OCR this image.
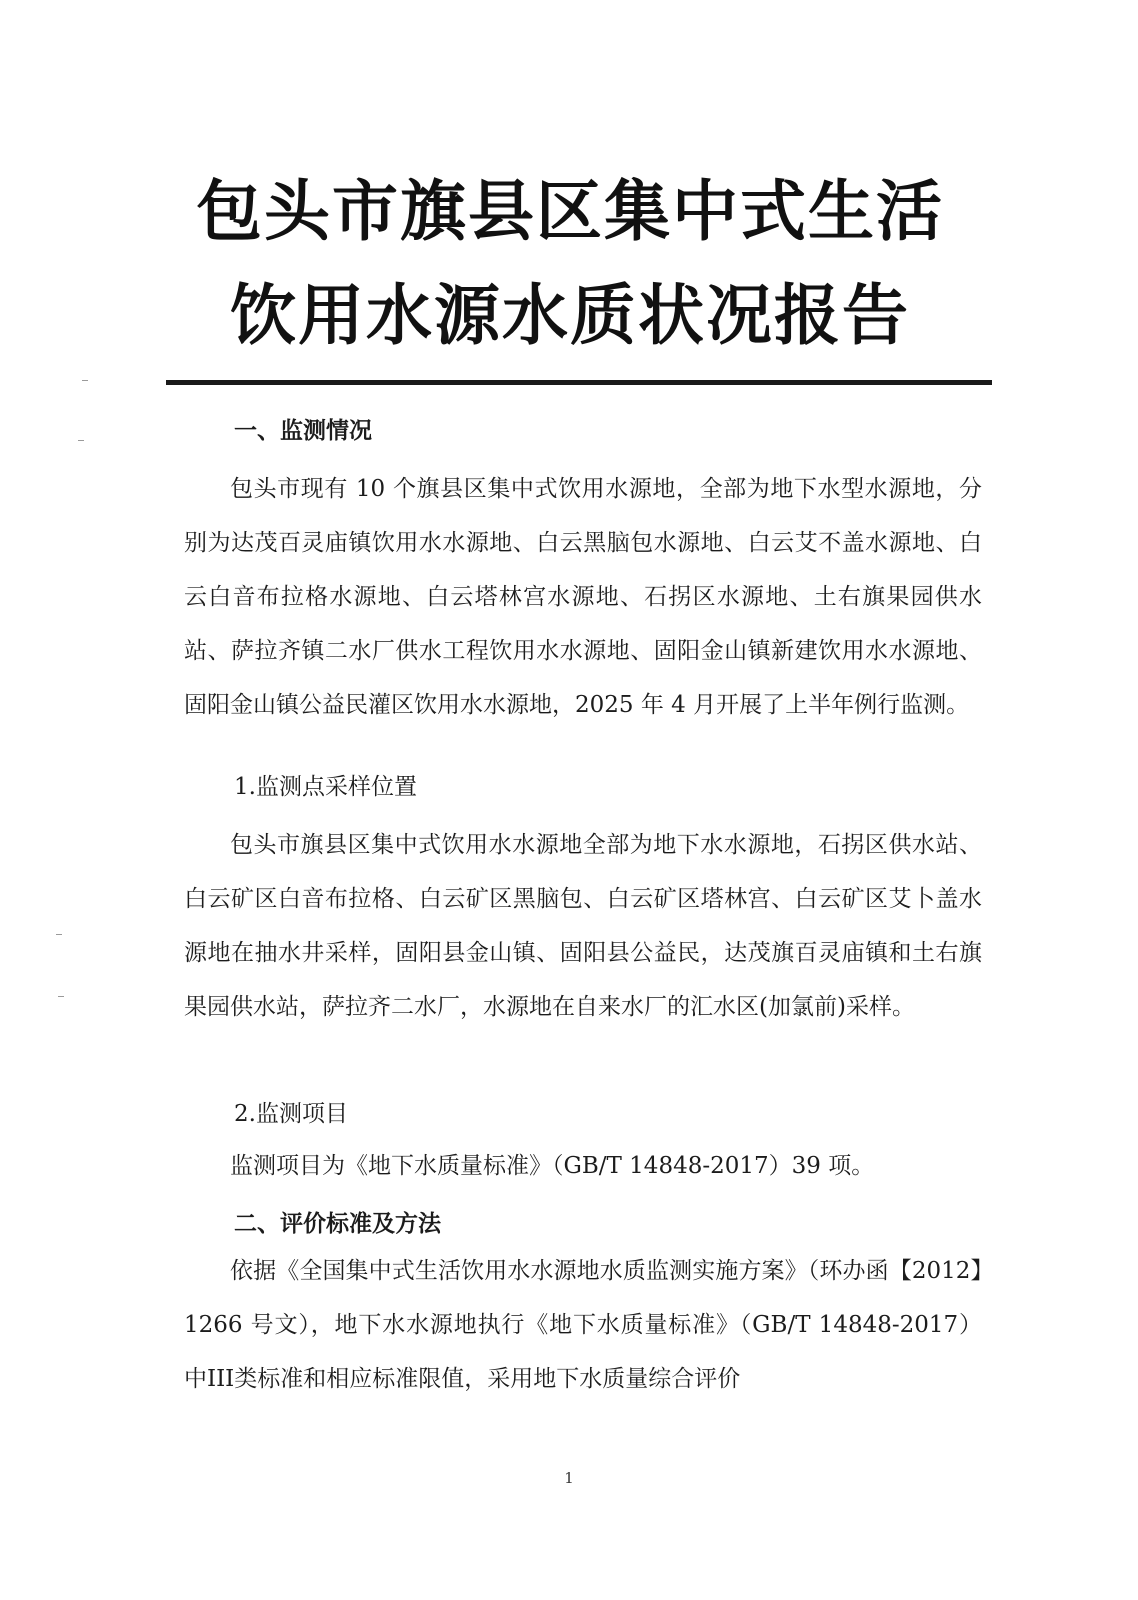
包头市旗县区集中式生活
饮用水源水质状况报告
一、监测情况

包头市现有 10 个旗县区集中式饮用水源地，全部为地下水型水源地，分别为达茂百灵庙镇饮用水水源地、白云黑脑包水源地、白云艾不盖水源地、白云白音布拉格水源地、白云塔林宫水源地、石拐区水源地、土右旗果园供水站、萨拉齐镇二水厂供水工程饮用水水源地、固阳金山镇新建饮用水水源地、固阳金山镇公益民灌区饮用水水源地，2025 年 4 月开展了上半年例行监测。

1.监测点采样位置

包头市旗县区集中式饮用水水源地全部为地下水水源地，石拐区供水站、白云矿区白音布拉格、白云矿区黑脑包、白云矿区塔林宫、白云矿区艾卜盖水源地在抽水井采样，固阳县金山镇、固阳县公益民，达茂旗百灵庙镇和土右旗果园供水站，萨拉齐二水厂，水源地在自来水厂的汇水区(加氯前)采样。

2.监测项目

监测项目为《地下水质量标准》（GB/T 14848-2017）39 项。

二、评价标准及方法

依据《全国集中式生活饮用水水源地水质监测实施方案》（环办函【2012】1266 号文），地下水水源地执行《地下水质量标准》（GB/T 14848-2017）中III类标准和相应标准限值，采用地下水质量综合评价

1
